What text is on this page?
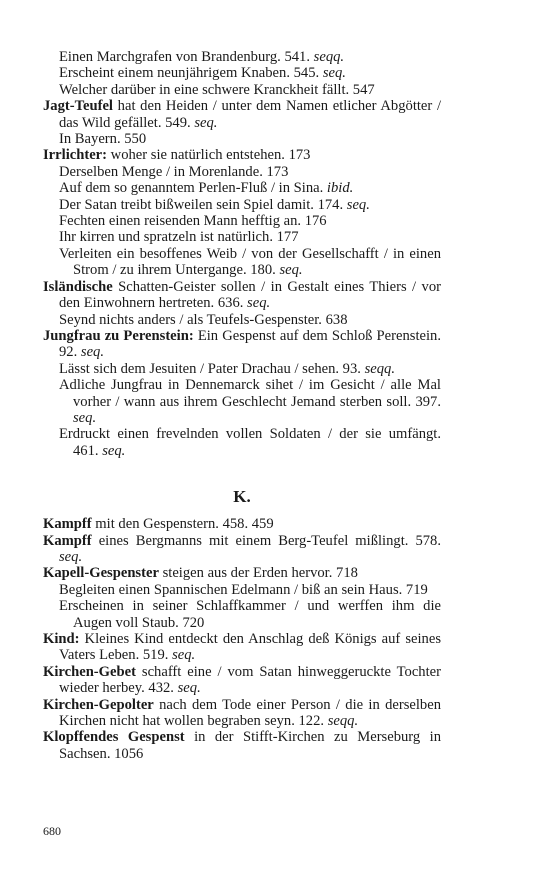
Einen Marchgrafen von Brandenburg. 541. seqq.
Erscheint einem neunjährigem Knaben. 545. seq.
Welcher darüber in eine schwere Kranckheit fällt. 547
Jagt-Teufel hat den Heiden / unter dem Namen etlicher Abgötter / das Wild gefället. 549. seq.
In Bayern. 550
Irrlichter: woher sie natürlich entstehen. 173
Derselben Menge / in Morenlande. 173
Auf dem so genanntem Perlen-Fluß / in Sina. ibid.
Der Satan treibt bißweilen sein Spiel damit. 174. seq.
Fechten einen reisenden Mann hefftig an. 176
Ihr kirren und spratzeln ist natürlich. 177
Verleiten ein besoffenes Weib / von der Gesellschafft / in einen Strom / zu ihrem Untergange. 180. seq.
Isländische Schatten-Geister sollen / in Gestalt eines Thiers / vor den Einwohnern hertreten. 636. seq.
Seynd nichts anders / als Teufels-Gespenster. 638
Jungfrau zu Perenstein: Ein Gespenst auf dem Schloß Perenstein. 92. seq.
Lässt sich dem Jesuiten / Pater Drachau / sehen. 93. seqq.
Adliche Jungfrau in Dennemarck sihet / im Gesicht / alle Mal vorher / wann aus ihrem Geschlecht Jemand sterben soll. 397. seq.
Erdruckt einen frevelnden vollen Soldaten / der sie umfängt. 461. seq.
K.
Kampff mit den Gespenstern. 458. 459
Kampff eines Bergmanns mit einem Berg-Teufel mißlingt. 578. seq.
Kapell-Gespenster steigen aus der Erden hervor. 718
Begleiten einen Spannischen Edelmann / biß an sein Haus. 719
Erscheinen in seiner Schlaffkammer / und werffen ihm die Augen voll Staub. 720
Kind: Kleines Kind entdeckt den Anschlag deß Königs auf seines Vaters Leben. 519. seq.
Kirchen-Gebet schafft eine / vom Satan hinweggeruckte Tochter wieder herbey. 432. seq.
Kirchen-Gepolter nach dem Tode einer Person / die in derselben Kirchen nicht hat wollen begraben seyn. 122. seqq.
Klopffendes Gespenst in der Stifft-Kirchen zu Merseburg in Sachsen. 1056
680
